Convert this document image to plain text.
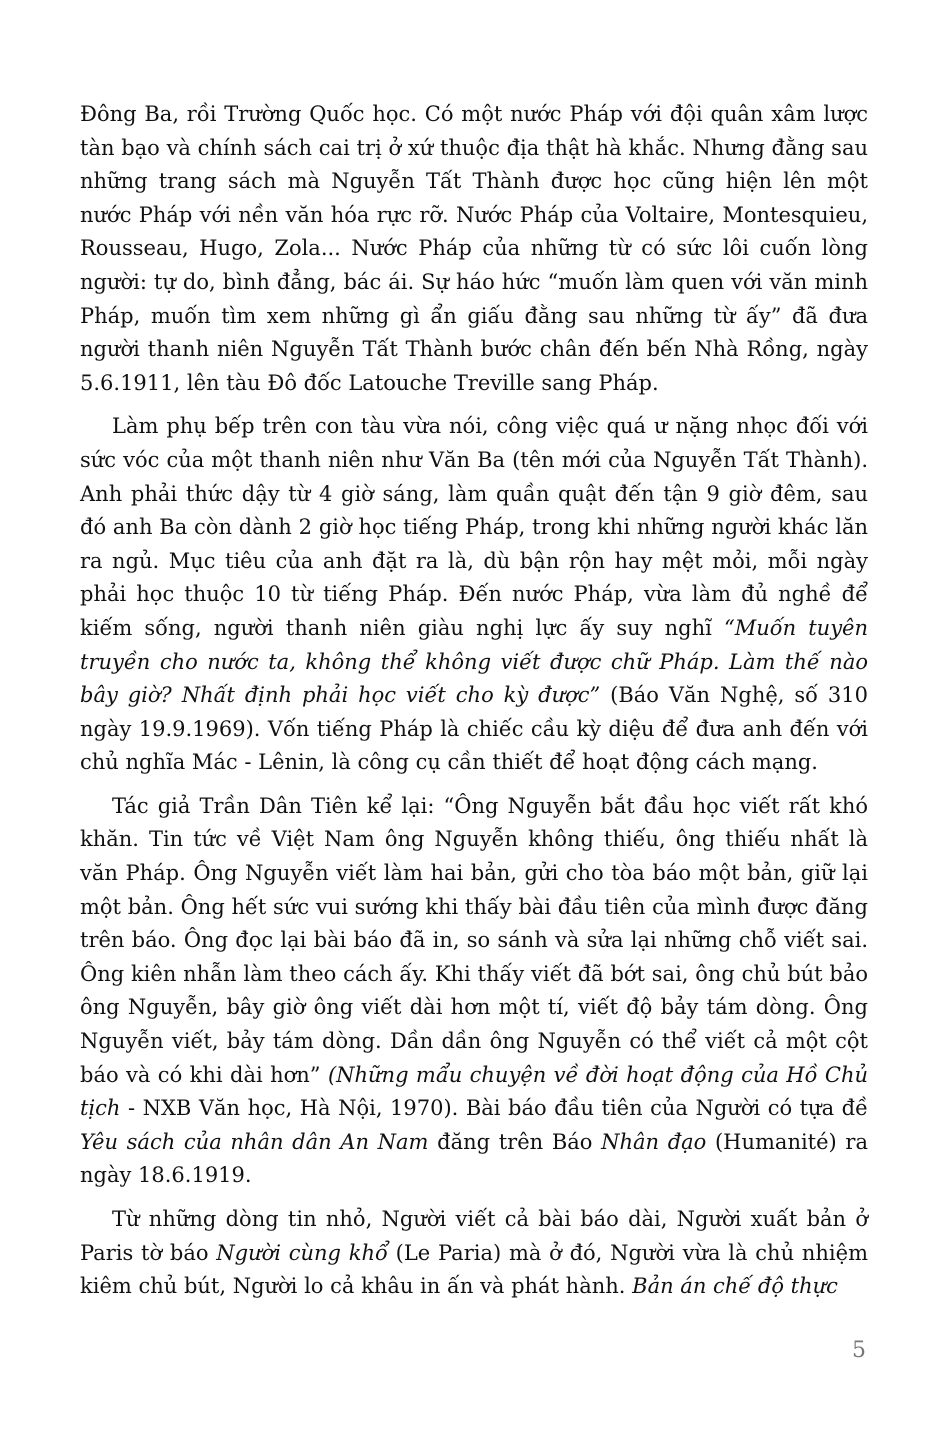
Đông Ba, rồi Trường Quốc học. Có một nước Pháp với đội quân xâm lược tàn bạo và chính sách cai trị ở xứ thuộc địa thật hà khắc. Nhưng đằng sau những trang sách mà Nguyễn Tất Thành được học cũng hiện lên một nước Pháp với nền văn hóa rực rỡ. Nước Pháp của Voltaire, Montesquieu, Rousseau, Hugo, Zola... Nước Pháp của những từ có sức lôi cuốn lòng người: tự do, bình đẳng, bác ái. Sự háo hức “muốn làm quen với văn minh Pháp, muốn tìm xem những gì ẩn giấu đằng sau những từ ấy” đã đưa người thanh niên Nguyễn Tất Thành bước chân đến bến Nhà Rồng, ngày 5.6.1911, lên tàu Đô đốc Latouche Treville sang Pháp.

Làm phụ bếp trên con tàu vừa nói, công việc quá ư nặng nhọc đối với sức vóc của một thanh niên như Văn Ba (tên mới của Nguyễn Tất Thành). Anh phải thức dậy từ 4 giờ sáng, làm quần quật đến tận 9 giờ đêm, sau đó anh Ba còn dành 2 giờ học tiếng Pháp, trong khi những người khác lăn ra ngủ. Mục tiêu của anh đặt ra là, dù bận rộn hay mệt mỏi, mỗi ngày phải học thuộc 10 từ tiếng Pháp. Đến nước Pháp, vừa làm đủ nghề để kiếm sống, người thanh niên giàu nghị lực ấy suy nghĩ “Muốn tuyên truyền cho nước ta, không thể không viết được chữ Pháp. Làm thế nào bây giờ? Nhất định phải học viết cho kỳ được” (Báo Văn Nghệ, số 310 ngày 19.9.1969). Vốn tiếng Pháp là chiếc cầu kỳ diệu để đưa anh đến với chủ nghĩa Mác - Lênin, là công cụ cần thiết để hoạt động cách mạng.

Tác giả Trần Dân Tiên kể lại: “Ông Nguyễn bắt đầu học viết rất khó khăn. Tin tức về Việt Nam ông Nguyễn không thiếu, ông thiếu nhất là văn Pháp. Ông Nguyễn viết làm hai bản, gửi cho tòa báo một bản, giữ lại một bản. Ông hết sức vui sướng khi thấy bài đầu tiên của mình được đăng trên báo. Ông đọc lại bài báo đã in, so sánh và sửa lại những chỗ viết sai. Ông kiên nhẫn làm theo cách ấy. Khi thấy viết đã bớt sai, ông chủ bút bảo ông Nguyễn, bây giờ ông viết dài hơn một tí, viết độ bảy tám dòng. Ông Nguyễn viết, bảy tám dòng. Dần dần ông Nguyễn có thể viết cả một cột báo và có khi dài hơn” (Những mẩu chuyện về đời hoạt động của Hồ Chủ tịch - NXB Văn học, Hà Nội, 1970). Bài báo đầu tiên của Người có tựa đề Yêu sách của nhân dân An Nam đăng trên Báo Nhân đạo (Humanité) ra ngày 18.6.1919.

Từ những dòng tin nhỏ, Người viết cả bài báo dài, Người xuất bản ở Paris tờ báo Người cùng khổ (Le Paria) mà ở đó, Người vừa là chủ nhiệm kiêm chủ bút, Người lo cả khâu in ấn và phát hành. Bản án chế độ thực

5
